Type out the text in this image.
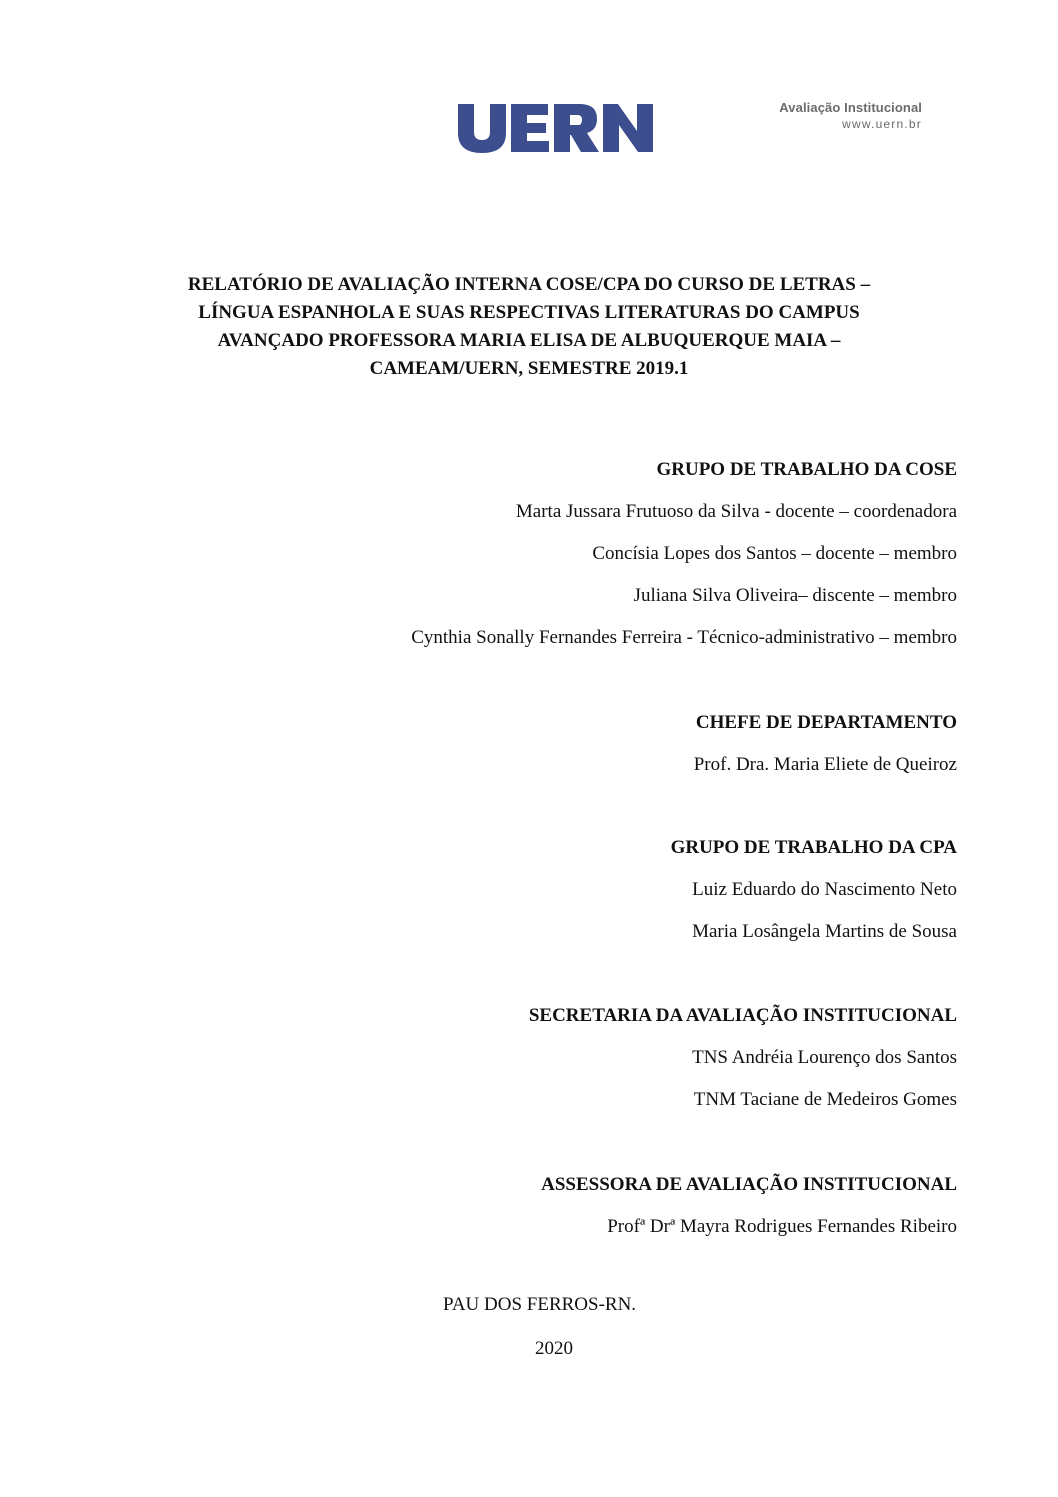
Avaliação Institucional
www.uern.br
RELATÓRIO DE AVALIAÇÃO INTERNA COSE/CPA DO CURSO DE LETRAS –
LÍNGUA ESPANHOLA E SUAS RESPECTIVAS LITERATURAS DO CAMPUS
AVANÇADO PROFESSORA MARIA ELISA DE ALBUQUERQUE MAIA –
CAMEAM/UERN, SEMESTRE 2019.1
GRUPO DE TRABALHO DA COSE
Marta Jussara Frutuoso da Silva - docente – coordenadora
Concísia Lopes dos Santos – docente – membro
Juliana Silva Oliveira– discente – membro
Cynthia Sonally Fernandes Ferreira - Técnico-administrativo – membro
CHEFE DE DEPARTAMENTO
Prof. Dra. Maria Eliete de Queiroz
GRUPO DE TRABALHO DA CPA
Luiz Eduardo do Nascimento Neto
Maria Losângela Martins de Sousa
SECRETARIA DA AVALIAÇÃO INSTITUCIONAL
TNS Andréia Lourenço dos Santos
TNM Taciane de Medeiros Gomes
ASSESSORA DE AVALIAÇÃO INSTITUCIONAL
Profª Drª Mayra Rodrigues Fernandes Ribeiro
PAU DOS FERROS-RN.
2020
